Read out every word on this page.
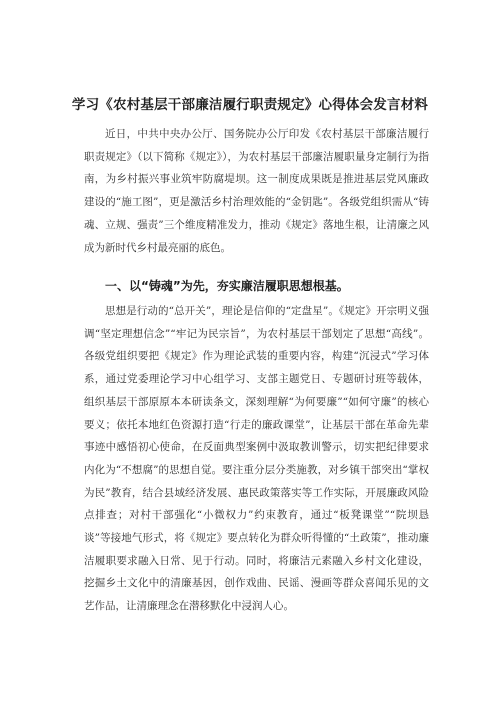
学习《农村基层干部廉洁履行职责规定》心得体会发言材料

近日，中共中央办公厅、国务院办公厅印发《农村基层干部廉洁履行职责规定》（以下简称《规定》），为农村基层干部廉洁履职量身定制行为指南，为乡村振兴事业筑牢防腐堤坝。这一制度成果既是推进基层党风廉政建设的“施工图”，更是激活乡村治理效能的“金钥匙”。各级党组织需从“铸魂、立规、强责”三个维度精准发力，推动《规定》落地生根，让清廉之风成为新时代乡村最亮丽的底色。

一、以“铸魂”为先，夯实廉洁履职思想根基。

思想是行动的“总开关”，理论是信仰的“定盘星”。《规定》开宗明义强调“坚定理想信念”“牢记为民宗旨”，为农村基层干部划定了思想“高线”。各级党组织要把《规定》作为理论武装的重要内容，构建“沉浸式”学习体系，通过党委理论学习中心组学习、支部主题党日、专题研讨班等载体，组织基层干部原原本本研读条文，深刻理解“为何要廉”“如何守廉”的核心要义；依托本地红色资源打造“行走的廉政课堂”，让基层干部在革命先辈事迹中感悟初心使命，在反面典型案例中汲取教训警示，切实把纪律要求内化为“不想腐”的思想自觉。要注重分层分类施教，对乡镇干部突出“掌权为民”教育，结合县域经济发展、惠民政策落实等工作实际，开展廉政风险点排查；对村干部强化“小微权力”约束教育，通过“板凳课堂”“院坝恳谈”等接地气形式，将《规定》要点转化为群众听得懂的“土政策”，推动廉洁履职要求融入日常、见于行动。同时，将廉洁元素融入乡村文化建设，挖掘乡土文化中的清廉基因，创作戏曲、民谣、漫画等群众喜闻乐见的文艺作品，让清廉理念在潜移默化中浸润人心。
